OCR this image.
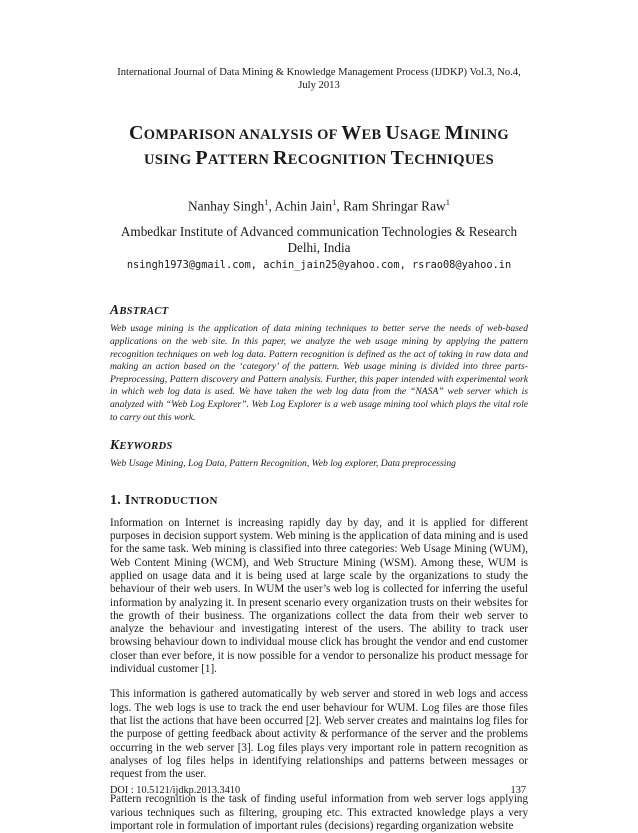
International Journal of Data Mining & Knowledge Management Process (IJDKP) Vol.3, No.4, July 2013
COMPARISON ANALYSIS OF WEB USAGE MINING
USING PATTERN RECOGNITION TECHNIQUES
Nanhay Singh$^1$, Achin Jain$^1$, Ram Shringar Raw$^1$
Ambedkar Institute of Advanced communication Technologies & Research
Delhi, India
nsingh1973@gmail.com, achin_jain25@yahoo.com, rsrao08@yahoo.in
ABSTRACT
Web usage mining is the application of data mining techniques to better serve the needs of web-based applications on the web site. In this paper, we analyze the web usage mining by applying the pattern recognition techniques on web log data. Pattern recognition is defined as the act of taking in raw data and making an action based on the ‘category’ of the pattern. Web usage mining is divided into three parts- Preprocessing, Pattern discovery and Pattern analysis. Further, this paper intended with experimental work in which web log data is used. We have taken the web log data from the “NASA” web server which is analyzed with “Web Log Explorer”. Web Log Explorer is a web usage mining tool which plays the vital role to carry out this work.
KEYWORDS
Web Usage Mining, Log Data, Pattern Recognition, Web log explorer, Data preprocessing
1. INTRODUCTION

Information on Internet is increasing rapidly day by day, and it is applied for different purposes in decision support system. Web mining is the application of data mining and is used for the same task. Web mining is classified into three categories: Web Usage Mining (WUM), Web Content Mining (WCM), and Web Structure Mining (WSM). Among these, WUM is applied on usage data and it is being used at large scale by the organizations to study the behaviour of their web users. In WUM the user’s web log is collected for inferring the useful information by analyzing it. In present scenario every organization trusts on their websites for the growth of their business. The organizations collect the data from their web server to analyze the behaviour and investigating interest of the users. The ability to track user browsing behaviour down to individual mouse click has brought the vendor and end customer closer than ever before, it is now possible for a vendor to personalize his product message for individual customer [1].

This information is gathered automatically by web server and stored in web logs and access logs. The web logs is use to track the end user behaviour for WUM. Log files are those files that list the actions that have been occurred [2]. Web server creates and maintains log files for the purpose of getting feedback about activity & performance of the server and the problems occurring in the web server [3]. Log files plays very important role in pattern recognition as analyses of log files helps in identifying relationships and patterns between messages or request from the user.

Pattern recognition is the task of finding useful information from web server logs applying various techniques such as filtering, grouping etc. This extracted knowledge plays a very important role in formulation of important rules (decisions) regarding organization website

DOI : 10.5121/ijdkp.2013.3410	137
